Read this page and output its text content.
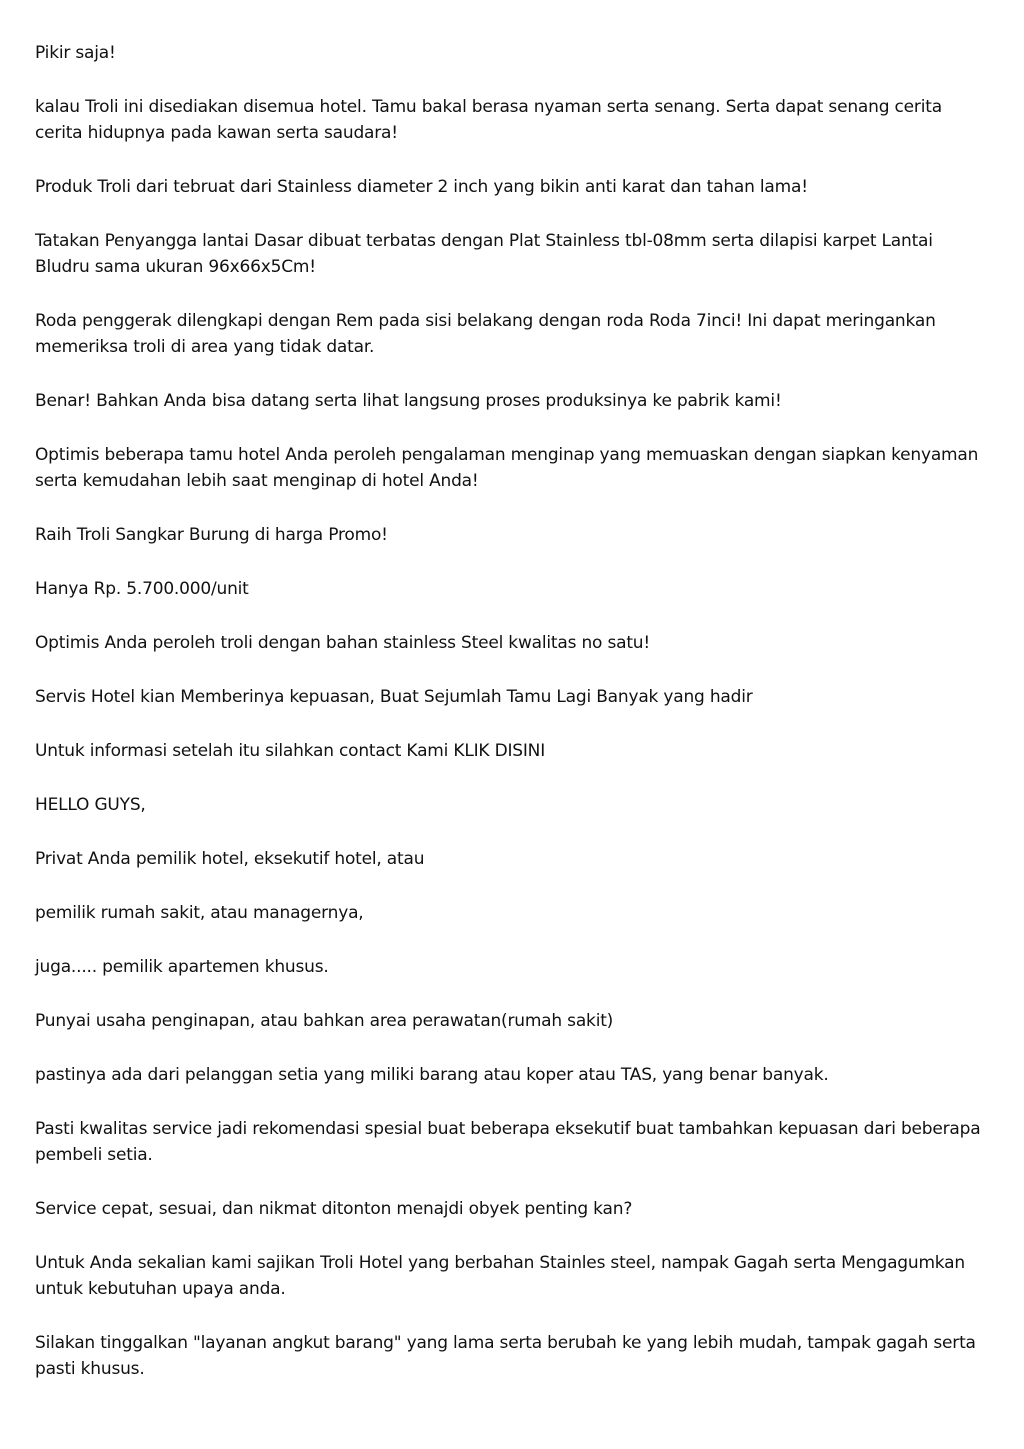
Pikir saja!

kalau Troli ini disediakan disemua hotel. Tamu bakal berasa nyaman serta senang. Serta dapat senang cerita cerita hidupnya pada kawan serta saudara!

Produk Troli dari tebruat dari Stainless diameter 2 inch yang bikin anti karat dan tahan lama!

Tatakan Penyangga lantai Dasar dibuat terbatas dengan Plat Stainless tbl-08mm serta dilapisi karpet Lantai Bludru sama ukuran 96x66x5Cm!

Roda penggerak dilengkapi dengan Rem pada sisi belakang dengan roda Roda 7inci! Ini dapat meringankan memeriksa troli di area yang tidak datar.

Benar! Bahkan Anda bisa datang serta lihat langsung proses produksinya ke pabrik kami!

Optimis beberapa tamu hotel Anda peroleh pengalaman menginap yang memuaskan dengan siapkan kenyaman serta kemudahan lebih saat menginap di hotel Anda!

Raih Troli Sangkar Burung di harga Promo!

Hanya Rp. 5.700.000/unit

Optimis Anda peroleh troli dengan bahan stainless Steel kwalitas no satu!

Servis Hotel kian Memberinya kepuasan, Buat Sejumlah Tamu Lagi Banyak yang hadir

Untuk informasi setelah itu silahkan contact Kami KLIK DISINI

HELLO GUYS,

Privat Anda pemilik hotel, eksekutif hotel, atau

pemilik rumah sakit, atau managernya,

juga..... pemilik apartemen khusus.

Punyai usaha penginapan, atau bahkan area perawatan(rumah sakit)

pastinya ada dari pelanggan setia yang miliki barang atau koper atau TAS, yang benar banyak.

Pasti kwalitas service jadi rekomendasi spesial buat beberapa eksekutif buat tambahkan kepuasan dari beberapa pembeli setia.

Service cepat, sesuai, dan nikmat ditonton menajdi obyek penting kan?

Untuk Anda sekalian kami sajikan Troli Hotel yang berbahan Stainles steel, nampak Gagah serta Mengagumkan untuk kebutuhan upaya anda.

Silakan tinggalkan "layanan angkut barang" yang lama serta berubah ke yang lebih mudah, tampak gagah serta pasti khusus.
